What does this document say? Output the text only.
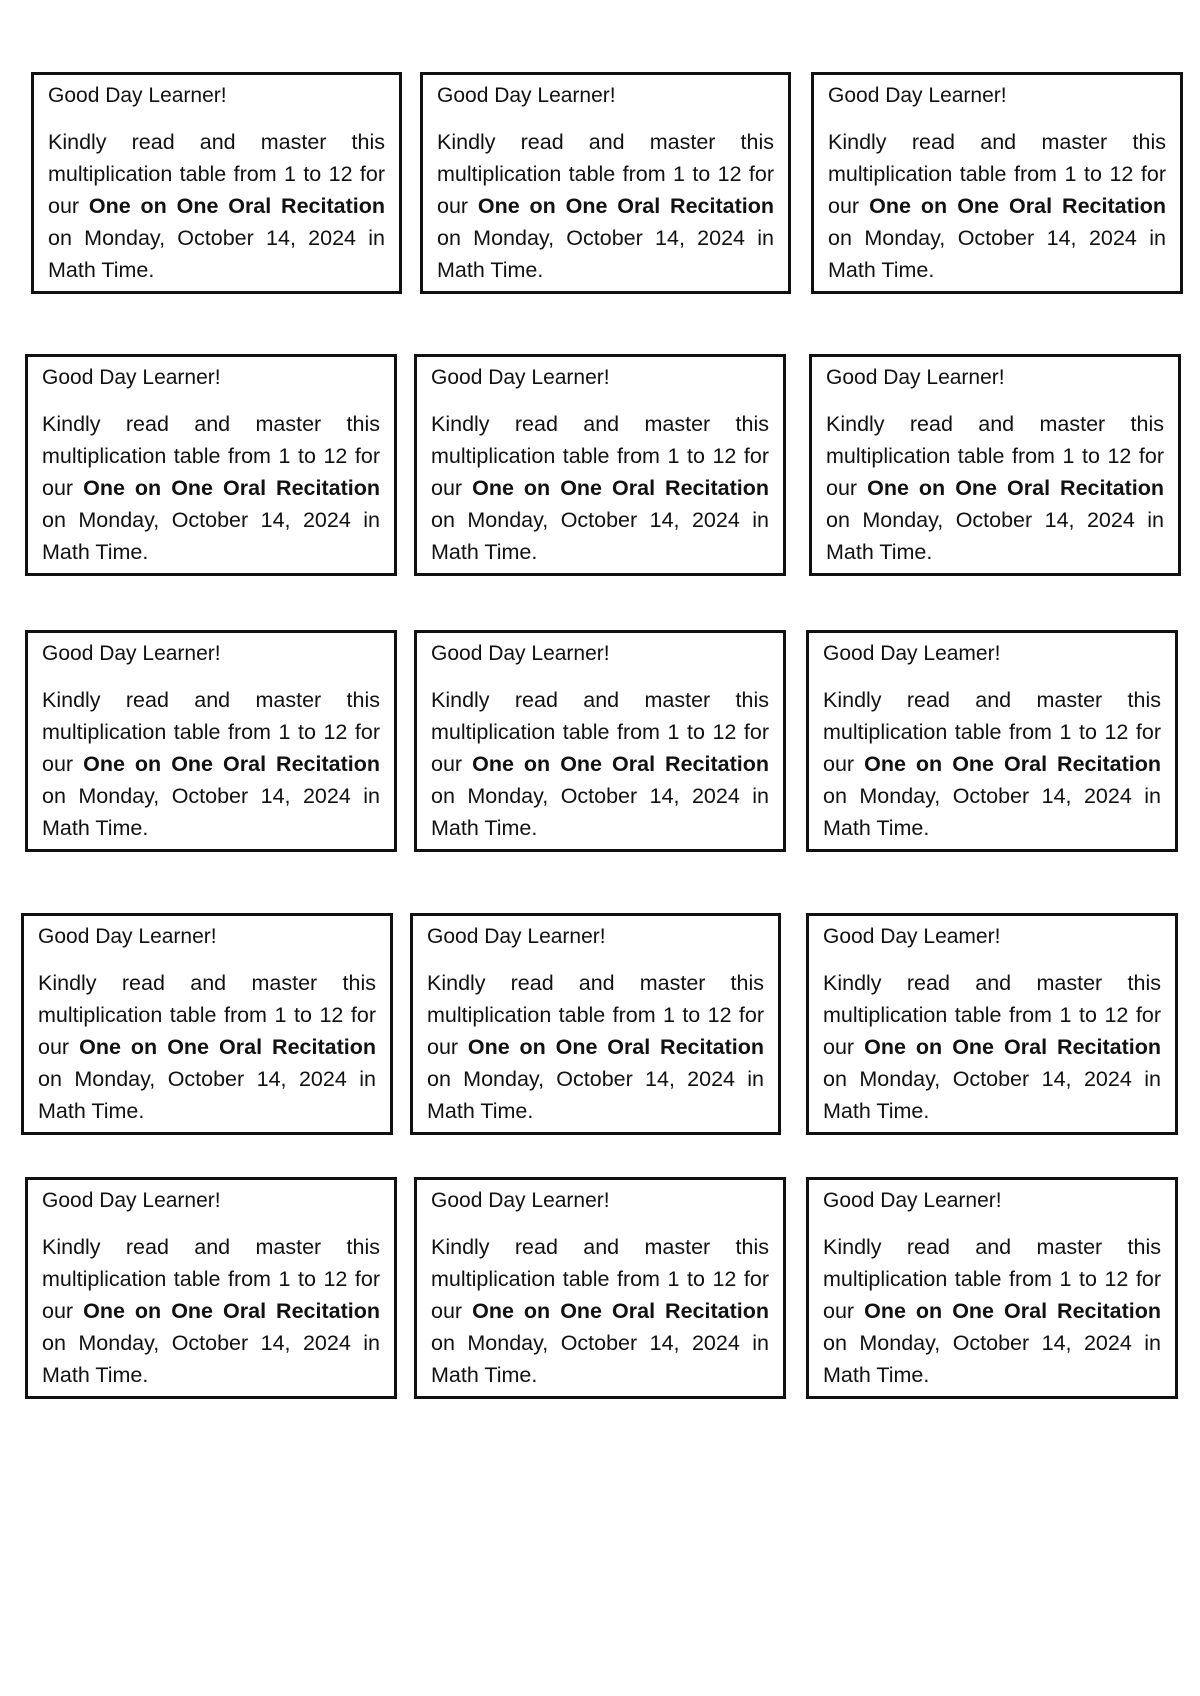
Good Day Learner!

Kindly read and master this multiplication table from 1 to 12 for our One on One Oral Recitation on Monday, October 14, 2024 in Math Time.

Good Day Learner!

Kindly read and master this multiplication table from 1 to 12 for our One on One Oral Recitation on Monday, October 14, 2024 in Math Time.

Good Day Learner!

Kindly read and master this multiplication table from 1 to 12 for our One on One Oral Recitation on Monday, October 14, 2024 in Math Time.

Good Day Learner!

Kindly read and master this multiplication table from 1 to 12 for our One on One Oral Recitation on Monday, October 14, 2024 in Math Time.

Good Day Learner!

Kindly read and master this multiplication table from 1 to 12 for our One on One Oral Recitation on Monday, October 14, 2024 in Math Time.

Good Day Learner!

Kindly read and master this multiplication table from 1 to 12 for our One on One Oral Recitation on Monday, October 14, 2024 in Math Time.

Good Day Learner!

Kindly read and master this multiplication table from 1 to 12 for our One on One Oral Recitation on Monday, October 14, 2024 in Math Time.

Good Day Learner!

Kindly read and master this multiplication table from 1 to 12 for our One on One Oral Recitation on Monday, October 14, 2024 in Math Time.

Good Day Leamer!

Kindly read and master this multiplication table from 1 to 12 for our One on One Oral Recitation on Monday, October 14, 2024 in Math Time.

Good Day Learner!

Kindly read and master this multiplication table from 1 to 12 for our One on One Oral Recitation on Monday, October 14, 2024 in Math Time.

Good Day Learner!

Kindly read and master this multiplication table from 1 to 12 for our One on One Oral Recitation on Monday, October 14, 2024 in Math Time.

Good Day Leamer!

Kindly read and master this multiplication table from 1 to 12 for our One on One Oral Recitation on Monday, October 14, 2024 in Math Time.

Good Day Learner!

Kindly read and master this multiplication table from 1 to 12 for our One on One Oral Recitation on Monday, October 14, 2024 in Math Time.

Good Day Learner!

Kindly read and master this multiplication table from 1 to 12 for our One on One Oral Recitation on Monday, October 14, 2024 in Math Time.

Good Day Learner!

Kindly read and master this multiplication table from 1 to 12 for our One on One Oral Recitation on Monday, October 14, 2024 in Math Time.
